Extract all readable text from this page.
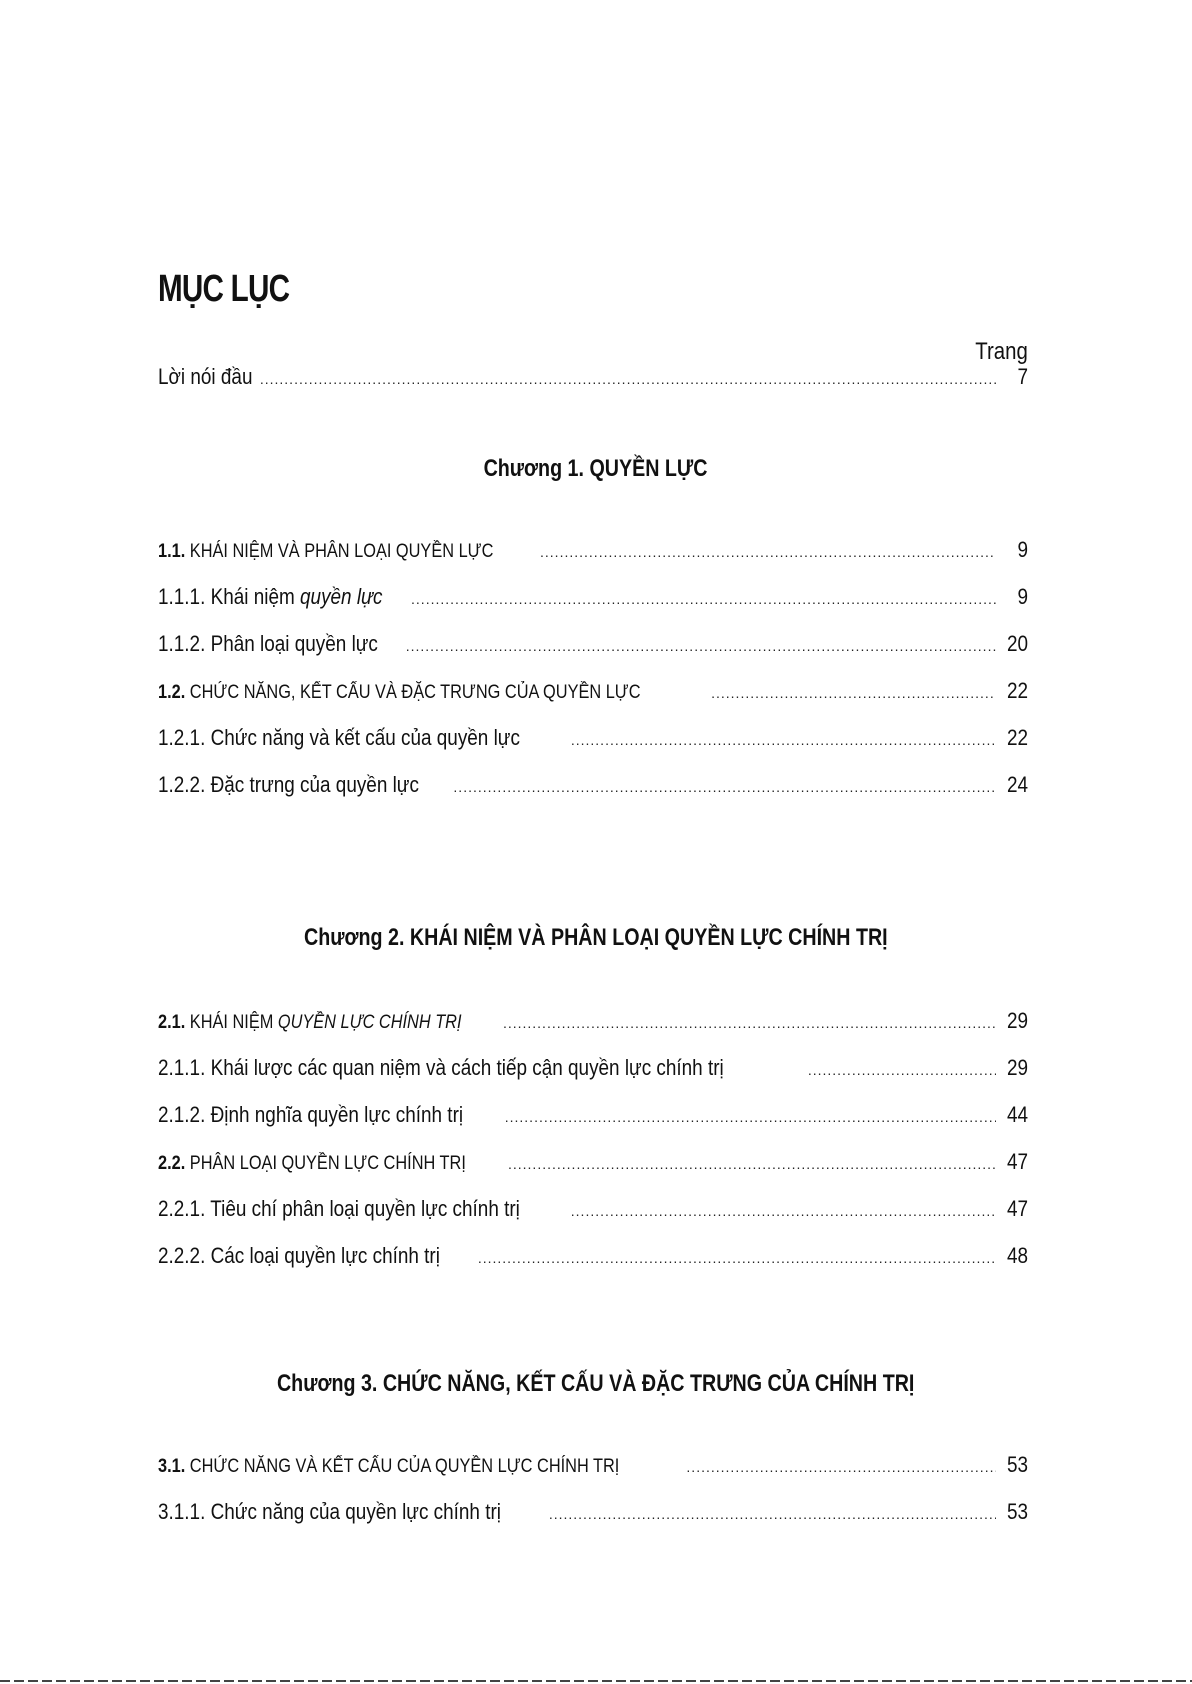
MỤC LỤC
Trang
Lời nói đầu .....	7
Chương 1. QUYỀN LỰC
1.1. KHÁI NIỆM VÀ PHÂN LOẠI QUYỀN LỰC .....	9
1.1.1. Khái niệm quyền lực .....	9
1.1.2. Phân loại quyền lực .....	20
1.2. CHỨC NĂNG, KẾT CẤU VÀ ĐẶC TRƯNG CỦA QUYỀN LỰC .....	22
1.2.1. Chức năng và kết cấu của quyền lực .....	22
1.2.2. Đặc trưng của quyền lực .....	24
Chương 2. KHÁI NIỆM VÀ PHÂN LOẠI QUYỀN LỰC CHÍNH TRỊ
2.1. KHÁI NIỆM QUYỀN LỰC CHÍNH TRỊ .....	29
2.1.1. Khái lược các quan niệm và cách tiếp cận quyền lực chính trị .....	29
2.1.2. Định nghĩa quyền lực chính trị .....	44
2.2. PHÂN LOẠI QUYỀN LỰC CHÍNH TRỊ .....	47
2.2.1. Tiêu chí phân loại quyền lực chính trị .....	47
2.2.2. Các loại quyền lực chính trị .....	48
Chương 3. CHỨC NĂNG, KẾT CẤU VÀ ĐẶC TRƯNG CỦA CHÍNH TRỊ
3.1. CHỨC NĂNG VÀ KẾT CẤU CỦA QUYỀN LỰC CHÍNH TRỊ .....	53
3.1.1. Chức năng của quyền lực chính trị .....	53
